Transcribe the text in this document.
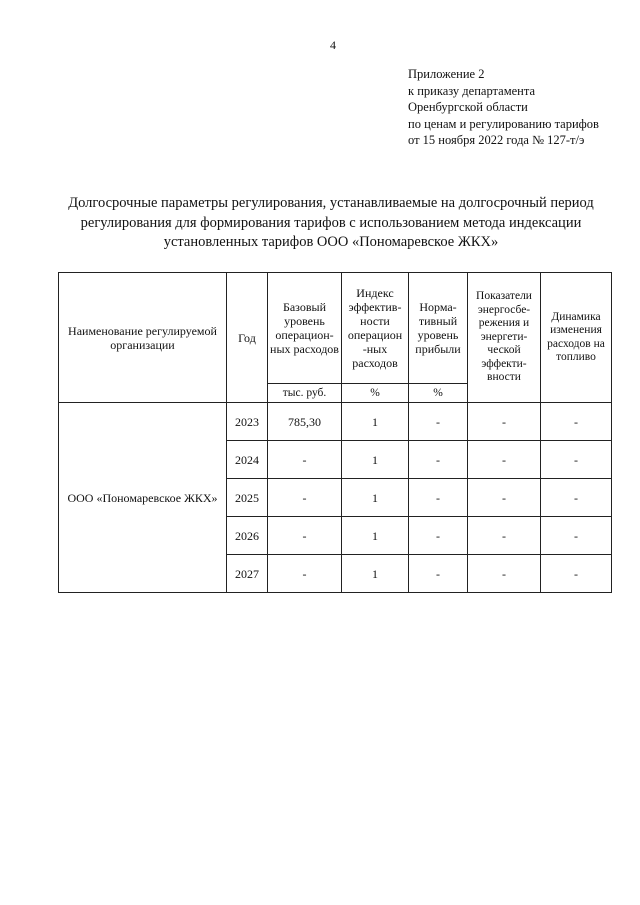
4
Приложение 2
к приказу департамента
Оренбургской области
по ценам и регулированию тарифов
от 15 ноября 2022 года № 127-т/э
Долгосрочные параметры регулирования, устанавливаемые на долгосрочный период
регулирования для формирования тарифов с использованием метода индексации
установленных тарифов ООО «Пономаревское ЖКХ»
Наименование регулируемой организации	Год	Базовый уровень операцион-ных расходов	Индекс эффектив-ности операцион -ных расходов	Норма-тивный уровень прибыли	Показатели энергосбе-режения и энергети-ческой эффекти-вности	Динамика изменения расходов на топливо
		тыс. руб.	%	%		
ООО «Пономаревское ЖКХ»	2023	785,30	1	-	-	-
	2024	-	1	-	-	-
	2025	-	1	-	-	-
	2026	-	1	-	-	-
	2027	-	1	-	-	-
